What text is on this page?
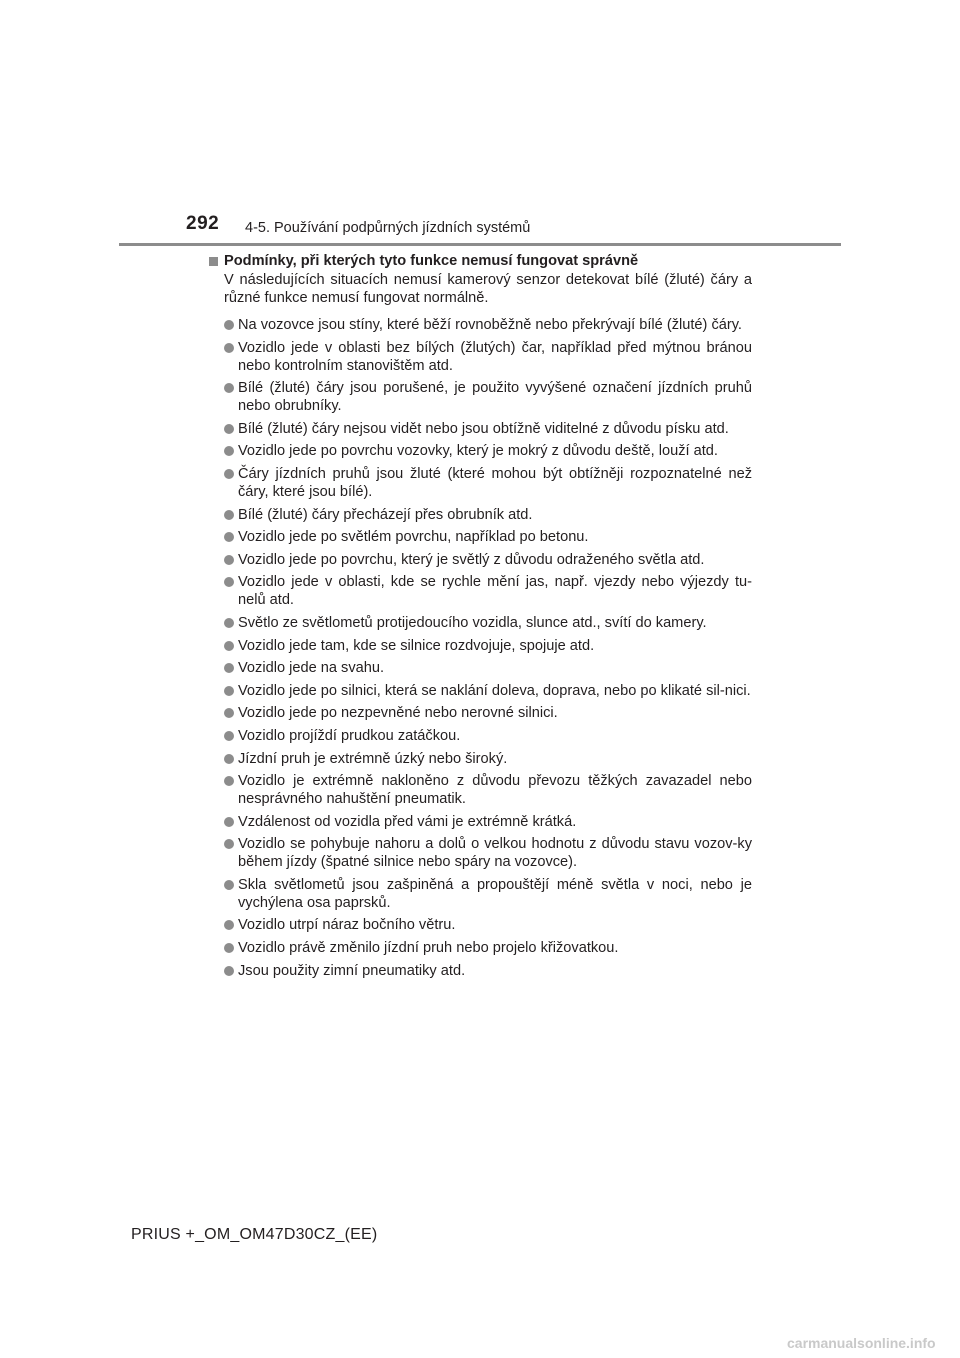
292 4-5. Používání podpůrných jízdních systémů
Podmínky, při kterých tyto funkce nemusí fungovat správně
V následujících situacích nemusí kamerový senzor detekovat bílé (žluté) čáry a různé funkce nemusí fungovat normálně.
Na vozovce jsou stíny, které běží rovnoběžně nebo překrývají bílé (žluté) čáry.
Vozidlo jede v oblasti bez bílých (žlutých) čar, například před mýtnou bránou nebo kontrolním stanovištěm atd.
Bílé (žluté) čáry jsou porušené, je použito vyvýšené označení jízdních pruhů nebo obrubníky.
Bílé (žluté) čáry nejsou vidět nebo jsou obtížně viditelné z důvodu písku atd.
Vozidlo jede po povrchu vozovky, který je mokrý z důvodu deště, louží atd.
Čáry jízdních pruhů jsou žluté (které mohou být obtížněji rozpoznatelné než čáry, které jsou bílé).
Bílé (žluté) čáry přecházejí přes obrubník atd.
Vozidlo jede po světlém povrchu, například po betonu.
Vozidlo jede po povrchu, který je světlý z důvodu odraženého světla atd.
Vozidlo jede v oblasti, kde se rychle mění jas, např. vjezdy nebo výjezdy tu-nelů atd.
Světlo ze světlometů protijedoucího vozidla, slunce atd., svítí do kamery.
Vozidlo jede tam, kde se silnice rozdvojuje, spojuje atd.
Vozidlo jede na svahu.
Vozidlo jede po silnici, která se naklání doleva, doprava, nebo po klikaté sil-nici.
Vozidlo jede po nezpevněné nebo nerovné silnici.
Vozidlo projíždí prudkou zatáčkou.
Jízdní pruh je extrémně úzký nebo široký.
Vozidlo je extrémně nakloněno z důvodu převozu těžkých zavazadel nebo nesprávného nahuštění pneumatik.
Vzdálenost od vozidla před vámi je extrémně krátká.
Vozidlo se pohybuje nahoru a dolů o velkou hodnotu z důvodu stavu vozov-ky během jízdy (špatné silnice nebo spáry na vozovce).
Skla světlometů jsou zašpiněná a propouštějí méně světla v noci, nebo je vychýlena osa paprsků.
Vozidlo utrpí náraz bočního větru.
Vozidlo právě změnilo jízdní pruh nebo projelo křižovatkou.
Jsou použity zimní pneumatiky atd.
PRIUS +_OM_OM47D30CZ_(EE)
carmanualsonline.info
